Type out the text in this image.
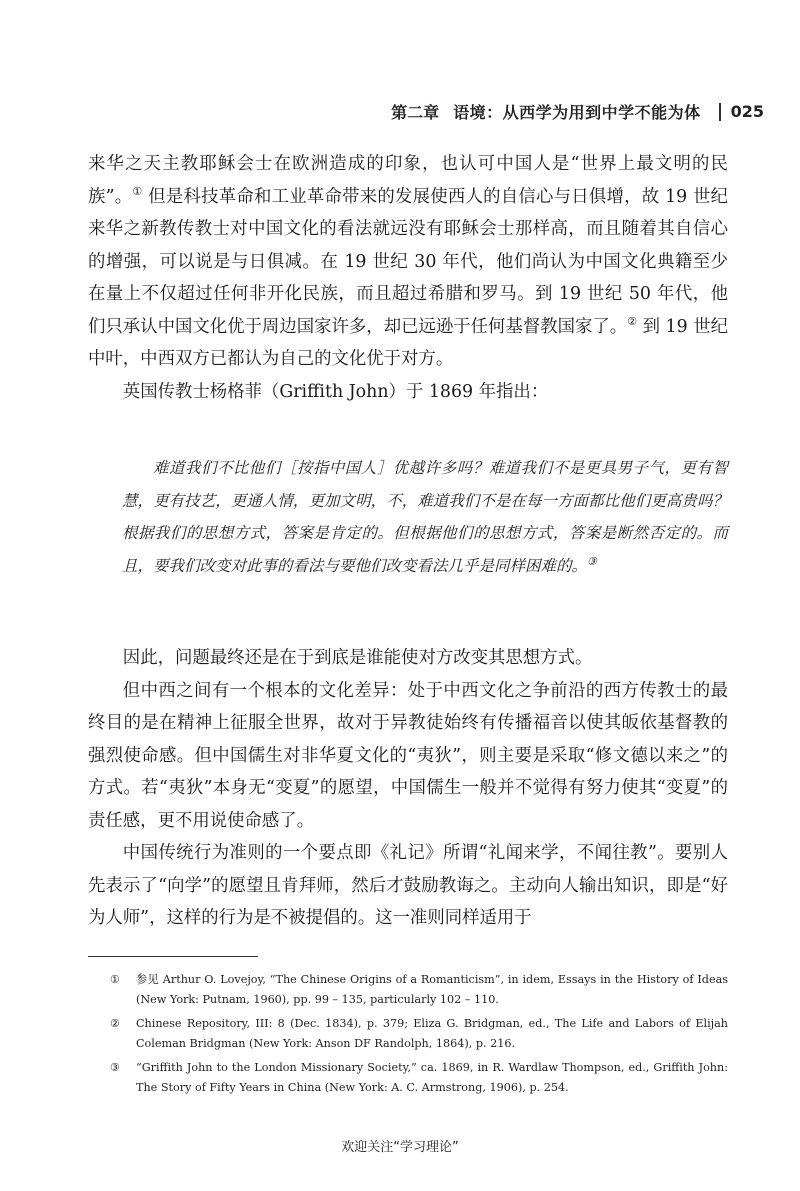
第二章 语境：从西学为用到中学不能为体 025

来华之天主教耶稣会士在欧洲造成的印象，也认可中国人是“世界上最文明的民族”。① 但是科技革命和工业革命带来的发展使西人的自信心与日俱增，故 19 世纪来华之新教传教士对中国文化的看法就远没有耶稣会士那样高，而且随着其自信心的增强，可以说是与日俱减。在 19 世纪 30 年代，他们尚认为中国文化典籍至少在量上不仅超过任何非开化民族，而且超过希腊和罗马。到 19 世纪 50 年代，他们只承认中国文化优于周边国家许多，却已远逊于任何基督教国家了。② 到 19 世纪中叶，中西双方已都认为自己的文化优于对方。

英国传教士杨格菲（Griffith John）于 1869 年指出：

难道我们不比他们［按指中国人］优越许多吗？难道我们不是更具男子气，更有智慧，更有技艺，更通人情，更加文明，不，难道我们不是在每一方面都比他们更高贵吗？根据我们的思想方式，答案是肯定的。但根据他们的思想方式，答案是断然否定的。而且，要我们改变对此事的看法与要他们改变看法几乎是同样困难的。③

因此，问题最终还是在于到底是谁能使对方改变其思想方式。

但中西之间有一个根本的文化差异：处于中西文化之争前沿的西方传教士的最终目的是在精神上征服全世界，故对于异教徒始终有传播福音以使其皈依基督教的强烈使命感。但中国儒生对非华夏文化的“夷狄”，则主要是采取“修文德以来之”的方式。若“夷狄”本身无“变夏”的愿望，中国儒生一般并不觉得有努力使其“变夏”的责任感，更不用说使命感了。

中国传统行为准则的一个要点即《礼记》所谓“礼闻来学，不闻往教”。要别人先表示了“向学”的愿望且肯拜师，然后才鼓励教诲之。主动向人输出知识，即是“好为人师”，这样的行为是不被提倡的。这一准则同样适用于

①	参见 Arthur O. Lovejoy, “The Chinese Origins of a Romanticism”, in idem, Essays in the History of Ideas (New York: Putnam, 1960), pp. 99 – 135, particularly 102 – 110.
②	Chinese Repository, III: 8 (Dec. 1834), p. 379; Eliza G. Bridgman, ed., The Life and Labors of Elijah Coleman Bridgman (New York: Anson DF Randolph, 1864), p. 216.
③	“Griffith John to the London Missionary Society,” ca. 1869, in R. Wardlaw Thompson, ed., Griffith John: The Story of Fifty Years in China (New York: A. C. Armstrong, 1906), p. 254.
欢迎关注“学习理论”
